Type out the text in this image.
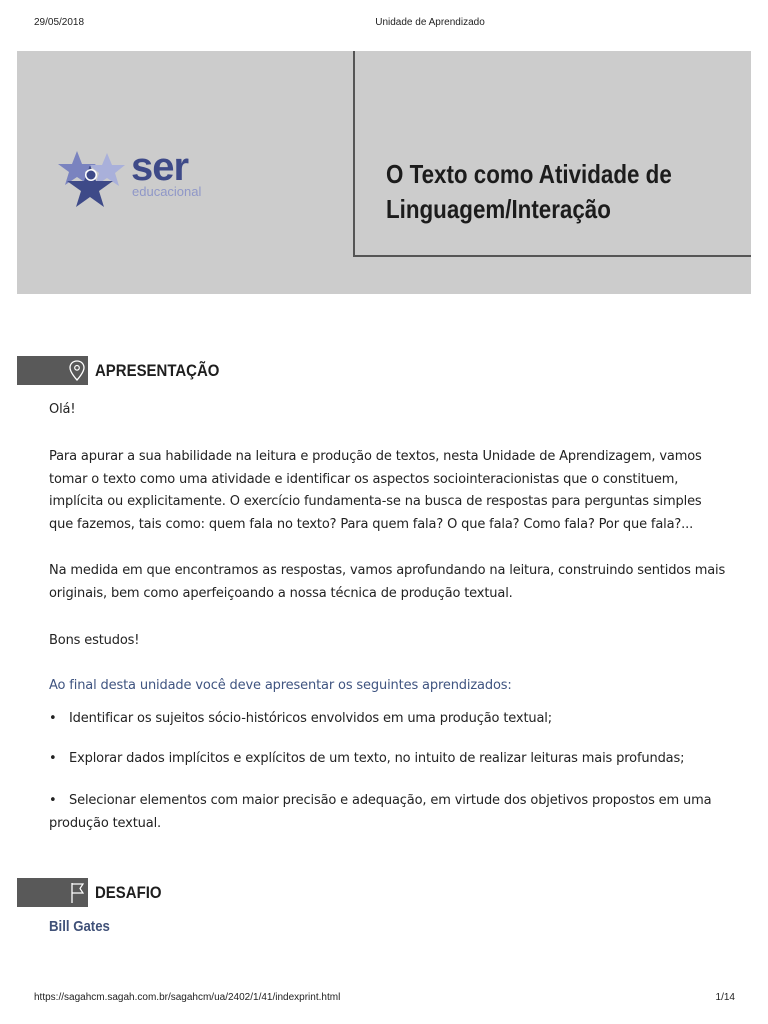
29/05/2018	Unidade de Aprendizado
ser
educacional
O Texto como Atividade de
Linguagem/Interação
APRESENTAÇÃO
Olá!
Para apurar a sua habilidade na leitura e produção de textos, nesta Unidade de Aprendizagem, vamos tomar o texto como uma atividade e identificar os aspectos sociointeracionistas que o constituem, implícita ou explicitamente. O exercício fundamenta-se na busca de respostas para perguntas simples que fazemos, tais como: quem fala no texto? Para quem fala? O que fala? Como fala? Por que fala?...
Na medida em que encontramos as respostas, vamos aprofundando na leitura, construindo sentidos mais originais, bem como aperfeiçoando a nossa técnica de produção textual.
Bons estudos!
Ao final desta unidade você deve apresentar os seguintes aprendizados:
• Identificar os sujeitos sócio-históricos envolvidos em uma produção textual;
• Explorar dados implícitos e explícitos de um texto, no intuito de realizar leituras mais profundas;
• Selecionar elementos com maior precisão e adequação, em virtude dos objetivos propostos em uma produção textual.
DESAFIO
Bill Gates
https://sagahcm.sagah.com.br/sagahcm/ua/2402/1/41/indexprint.html	1/14
